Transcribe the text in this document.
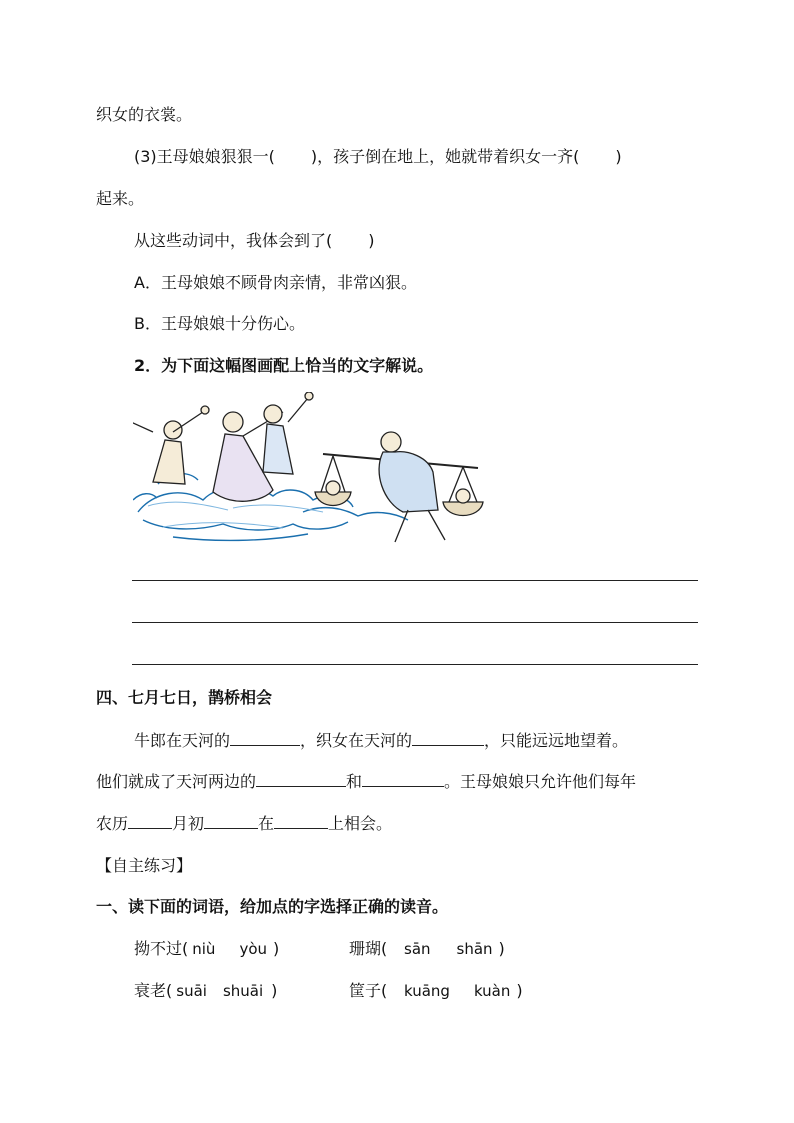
织女的衣裳。
(3)王母娘娘狠狠一( )，孩子倒在地上，她就带着织女一齐( )
起来。
从这些动词中，我体会到了( )
A．王母娘娘不顾骨肉亲情，非常凶狠。
B．王母娘娘十分伤心。
2．为下面这幅图画配上恰当的文字解说。
四、七月七日，鹊桥相会
牛郎在天河的	，织女在天河的	，只能远远地望着。
他们就成了天河两边的	和	。王母娘娘只允许他们每年
农历	月初	在	上相会。
【自主练习】
一、读下面的词语，给加点的字选择正确的读音。
拗不过( niù yòu )	珊瑚( sān shān )
衰老( suāi shuāi )	筐子( kuāng kuàn )
